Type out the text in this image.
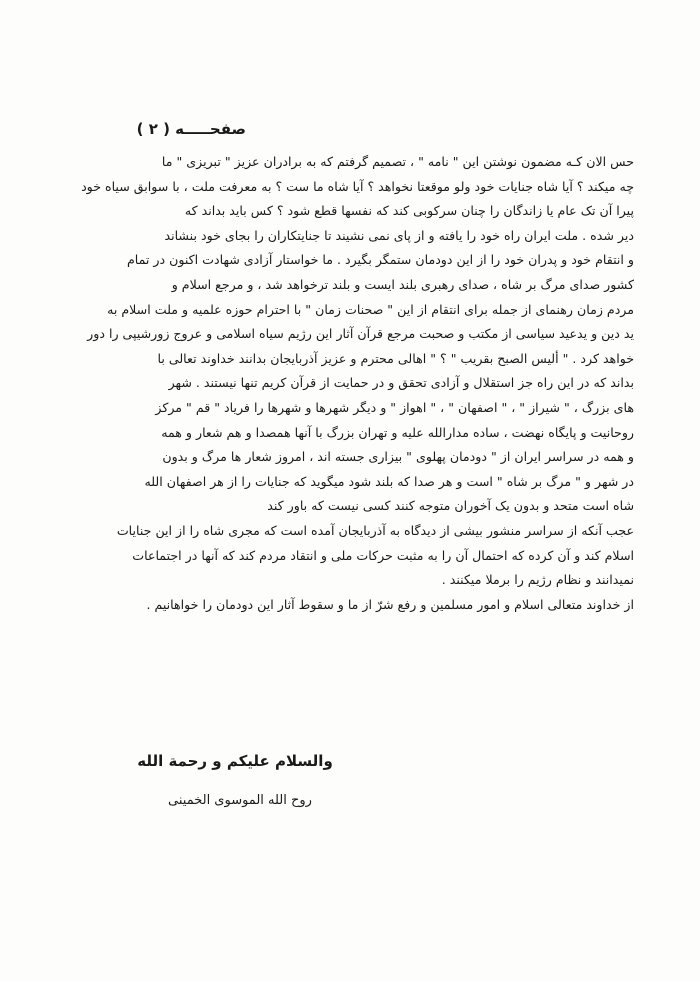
صفحـــــه ( ۲ )
حس الان کـه مضمون نوشتن این " نامه " ، تصمیم گرفتم که به برادران عزیز " تبریزی " ما
چه میکند ؟ آیا شاه جنایات خود ولو موقعتا نخواهد ؟ آیا شاه ما ست ؟ به معرفت ملت ، با سوابق سیاه خود
پیرا آن تک عام یا زاندگان را چنان سرکوبی کند که نفسها قطع شود ؟ کس باید بداند که
دیر شده . ملت ایران راه خود را یافته و از پای نمی نشیند تا جنایتکاران را بجای خود بنشاند
و انتقام خود و پدران خود را از این دودمان ستمگر بگیرد . ما خواستار آزادی شهادت اکنون در تمام
کشور صدای مرگ بر شاه ، صدای رهبری بلند ایست و بلند ترخواهد شد ، و مرجع اسلام و
مردم زمان رهنمای از جمله برای انتقام از این " صحنات زمان " با احترام حوزه علمیه و ملت اسلام به
ید دین و یدعید سیاسی از مکتب و صحبت مرجع قرآن آثار این رژیم سیاه اسلامی و عروج زورشیپی را دور
خواهد کرد . " ألیس الصبح بقریب " ؟ " اهالی محترم و عزیز آذربایجان بدانند خداوند تعالی با
بداند که در این راه جز استقلال و آزادی تحقق و در حمایت از قرآن کریم تنها نیستند . شهر
های بزرگ ، " شیراز " ، " اصفهان " ، " اهواز " و دیگر شهرها و شهرها را فریاد " قم " مرکز
روحانیت و پایگاه نهضت ، ساده مدارالله علیه و تهران بزرگ با آنها همصدا و هم شعار و همه
و همه در سراسر ایران از " دودمان پهلوی " بیزاری جسته اند ، امروز شعار ها مرگ و بدون
در شهر و " مرگ بر شاه " است و هر صدا که بلند شود میگوید که جنایات را از هر اصفهان الله
شاه است متحد و بدون یک آخوران متوجه کنند کسی نیست که باور کند
عجب آنکه از سراسر منشور بیشی از دیدگاه به آذربایجان آمده است که مجری شاه را از این جنایات
اسلام کند و آن کرده که احتمال آن را به مثبت حرکات ملی و انتقاد مردم کند که آنها در اجتماعات
نمیدانند و نظام رژیم را برملا میکنند .
از خداوند متعالی اسلام و امور مسلمین و رفع شرّ از ما و سقوط آثار این دودمان را خواهانیم .
والسلام علیکم و رحمة الله
روح الله الموسوی الخمینی
